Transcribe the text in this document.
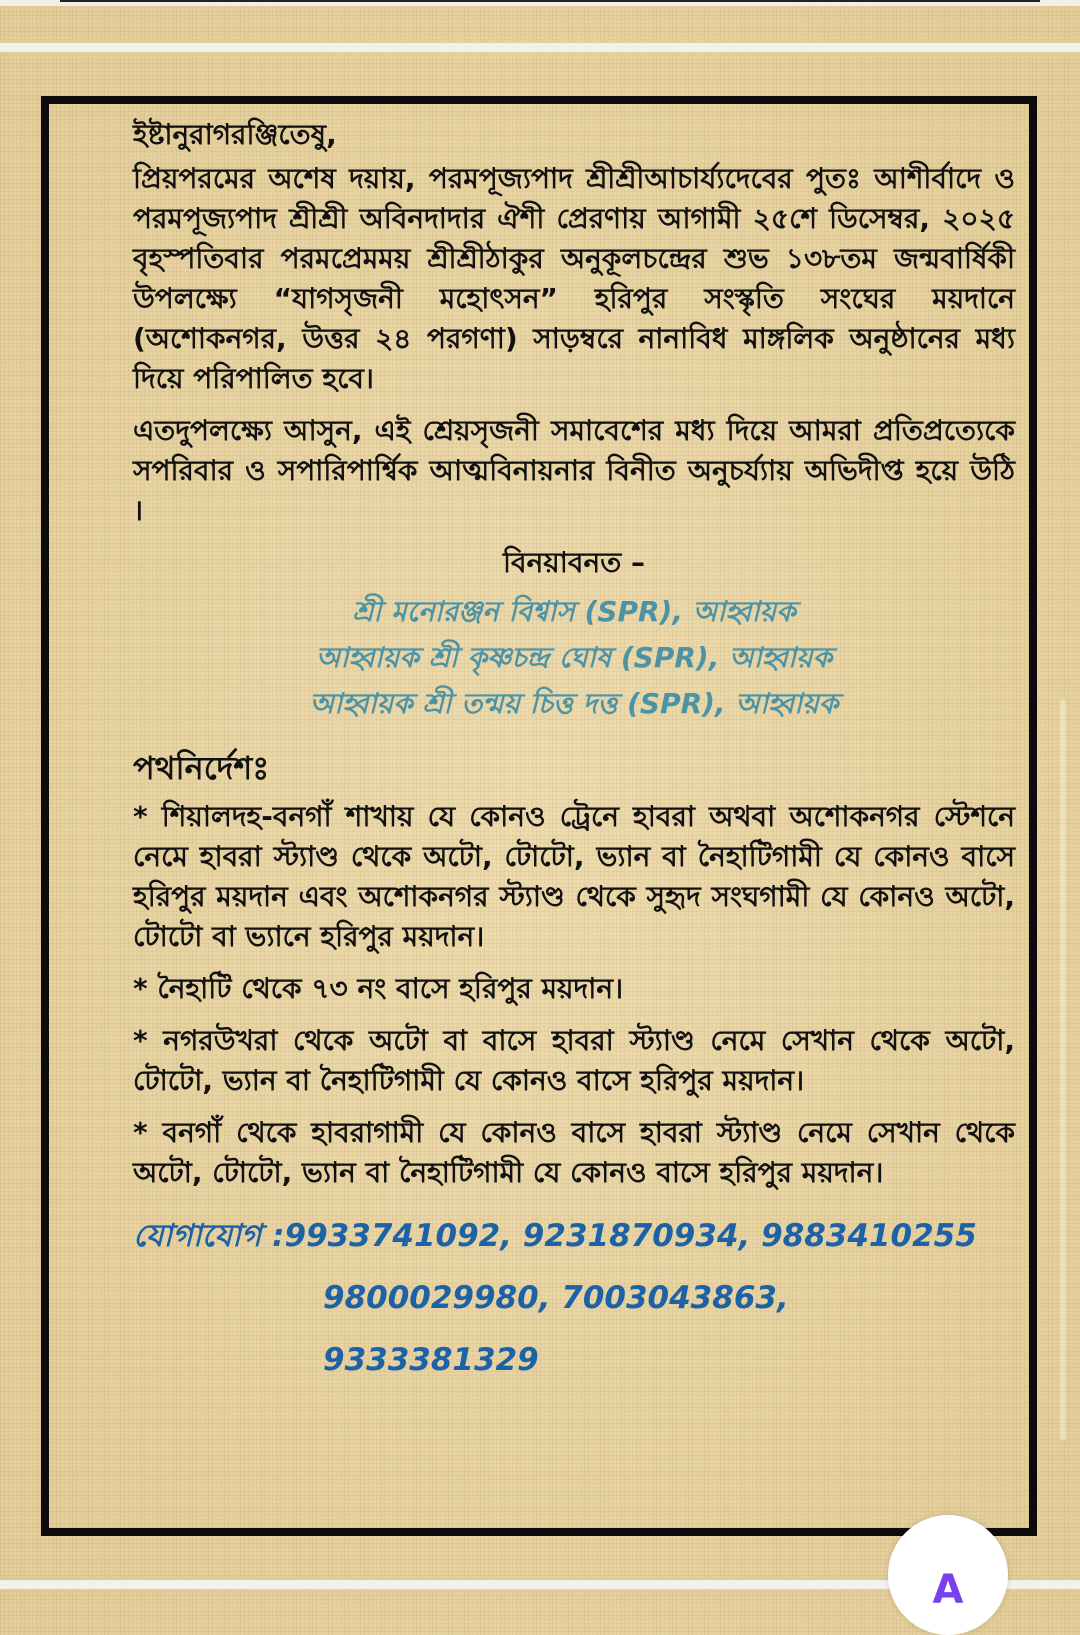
ইষ্টানুরাগরঞ্জিতেষু,

প্রিয়পরমের অশেষ দয়ায়, পরমপূজ্যপাদ শ্রীশ্রীআচার্য্যদেবের পুতঃ আশীর্বাদে ও পরমপূজ্যপাদ শ্রীশ্রী অবিনদাদার ঐশী প্রেরণায় আগামী ২৫শে ডিসেম্বর, ২০২৫ বৃহস্পতিবার পরমপ্রেমময় শ্রীশ্রীঠাকুর অনুকূলচন্দ্রের শুভ ১৩৮তম জন্মবার্ষিকী উপলক্ষ্যে “যাগসৃজনী মহোৎসন” হরিপুর সংস্কৃতি সংঘের ময়দানে (অশোকনগর, উত্তর ২৪ পরগণা) সাড়ম্বরে নানাবিধ মাঙ্গলিক অনুষ্ঠানের মধ্য দিয়ে পরিপালিত হবে।

এতদুপলক্ষ্যে আসুন, এই শ্রেয়সৃজনী সমাবেশের মধ্য দিয়ে আমরা প্রতিপ্রত্যেকে সপরিবার ও সপারিপার্শ্বিক আত্মবিনায়নার বিনীত অনুচর্য্যায় অভিদীপ্ত হয়ে উঠি ।

বিনয়াবনত –
শ্রী মনোরঞ্জন বিশ্বাস (SPR), আহ্বায়ক
আহ্বায়ক শ্রী কৃষ্ণচন্দ্র ঘোষ (SPR), আহ্বায়ক
আহ্বায়ক শ্রী তন্ময় চিত্ত দত্ত (SPR), আহ্বায়ক
পথনির্দেশঃ

* শিয়ালদহ-বনগাঁ শাখায় যে কোনও ট্রেনে হাবরা অথবা অশোকনগর স্টেশনে নেমে হাবরা স্ট্যাণ্ড থেকে অটো, টোটো, ভ্যান বা নৈহাটিগামী যে কোনও বাসে হরিপুর ময়দান এবং অশোকনগর স্ট্যাণ্ড থেকে সুহৃদ সংঘগামী যে কোনও অটো, টোটো বা ভ্যানে হরিপুর ময়দান।

* নৈহাটি থেকে ৭৩ নং বাসে হরিপুর ময়দান।

* নগরউখরা থেকে অটো বা বাসে হাবরা স্ট্যাণ্ড নেমে সেখান থেকে অটো, টোটো, ভ্যান বা নৈহাটিগামী যে কোনও বাসে হরিপুর ময়দান।

* বনগাঁ থেকে হাবরাগামী যে কোনও বাসে হাবরা স্ট্যাণ্ড নেমে সেখান থেকে অটো, টোটো, ভ্যান বা নৈহাটিগামী যে কোনও বাসে হরিপুর ময়দান।

যোগাযোগ :9933741092, 9231870934, 9883410255
9800029980, 7003043863, 9333381329
A
